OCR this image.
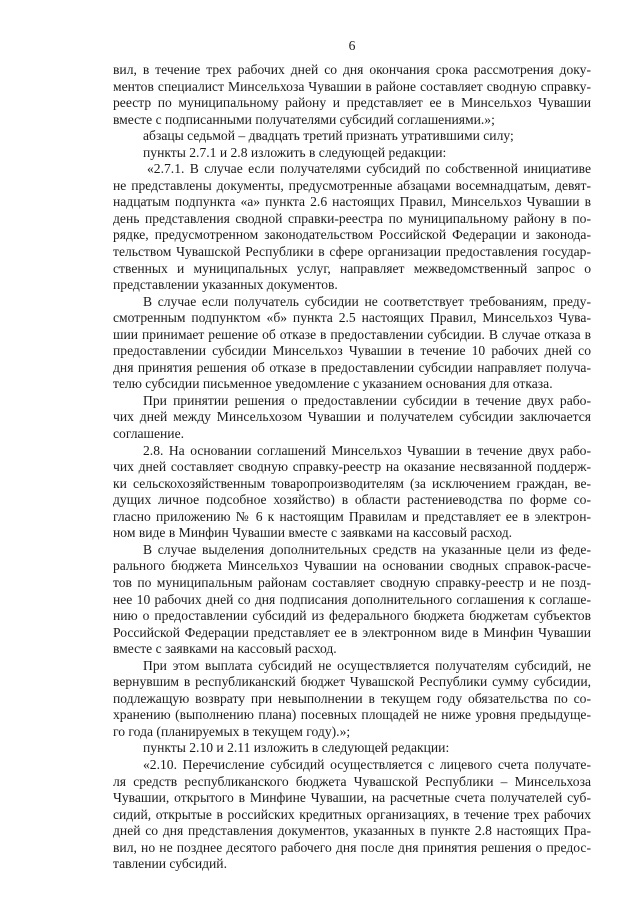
6
вил, в течение трех рабочих дней со дня окончания срока рассмотрения доку-
ментов специалист Минсельхоза Чувашии в районе составляет сводную справку-
реестр по муниципальному району и представляет ее в Минсельхоз Чувашии
вместе с подписанными получателями субсидий соглашениями.»;
абзацы седьмой – двадцать третий признать утратившими силу;
пункты 2.7.1 и 2.8 изложить в следующей редакции:
«2.7.1. В случае если получателями субсидий по собственной инициативе
не представлены документы, предусмотренные абзацами восемнадцатым, девят-
надцатым подпункта «а» пункта 2.6 настоящих Правил, Минсельхоз Чувашии в
день представления сводной справки-реестра по муниципальному району в по-
рядке, предусмотренном законодательством Российской Федерации и законода-
тельством Чувашской Республики в сфере организации предоставления государ-
ственных и муниципальных услуг, направляет межведомственный запрос о
представлении указанных документов.
В случае если получатель субсидии не соответствует требованиям, преду-
смотренным подпунктом «б» пункта 2.5 настоящих Правил, Минсельхоз Чува-
шии принимает решение об отказе в предоставлении субсидии. В случае отказа в
предоставлении субсидии Минсельхоз Чувашии в течение 10 рабочих дней со
дня принятия решения об отказе в предоставлении субсидии направляет получа-
телю субсидии письменное уведомление с указанием основания для отказа.
При принятии решения о предоставлении субсидии в течение двух рабо-
чих дней между Минсельхозом Чувашии и получателем субсидии заключается
соглашение.
2.8. На основании соглашений Минсельхоз Чувашии в течение двух рабо-
чих дней составляет сводную справку-реестр на оказание несвязанной поддерж-
ки сельскохозяйственным товаропроизводителям (за исключением граждан, ве-
дущих личное подсобное хозяйство) в области растениеводства по форме со-
гласно приложению № 6 к настоящим Правилам и представляет ее в электрон-
ном виде в Минфин Чувашии вместе с заявками на кассовый расход.
В случае выделения дополнительных средств на указанные цели из феде-
рального бюджета Минсельхоз Чувашии на основании сводных справок-расче-
тов по муниципальным районам составляет сводную справку-реестр и не позд-
нее 10 рабочих дней со дня подписания дополнительного соглашения к соглаше-
нию о предоставлении субсидий из федерального бюджета бюджетам субъектов
Российской Федерации представляет ее в электронном виде в Минфин Чувашии
вместе с заявками на кассовый расход.
При этом выплата субсидий не осуществляется получателям субсидий, не
вернувшим в республиканский бюджет Чувашской Республики сумму субсидии,
подлежащую возврату при невыполнении в текущем году обязательства по со-
хранению (выполнению плана) посевных площадей не ниже уровня предыдуще-
го года (планируемых в текущем году).»;
пункты 2.10 и 2.11 изложить в следующей редакции:
«2.10. Перечисление субсидий осуществляется с лицевого счета получате-
ля средств республиканского бюджета Чувашской Республики – Минсельхоза
Чувашии, открытого в Минфине Чувашии, на расчетные счета получателей суб-
сидий, открытые в российских кредитных организациях, в течение трех рабочих
дней со дня представления документов, указанных в пункте 2.8 настоящих Пра-
вил, но не позднее десятого рабочего дня после дня принятия решения о предос-
тавлении субсидий.
